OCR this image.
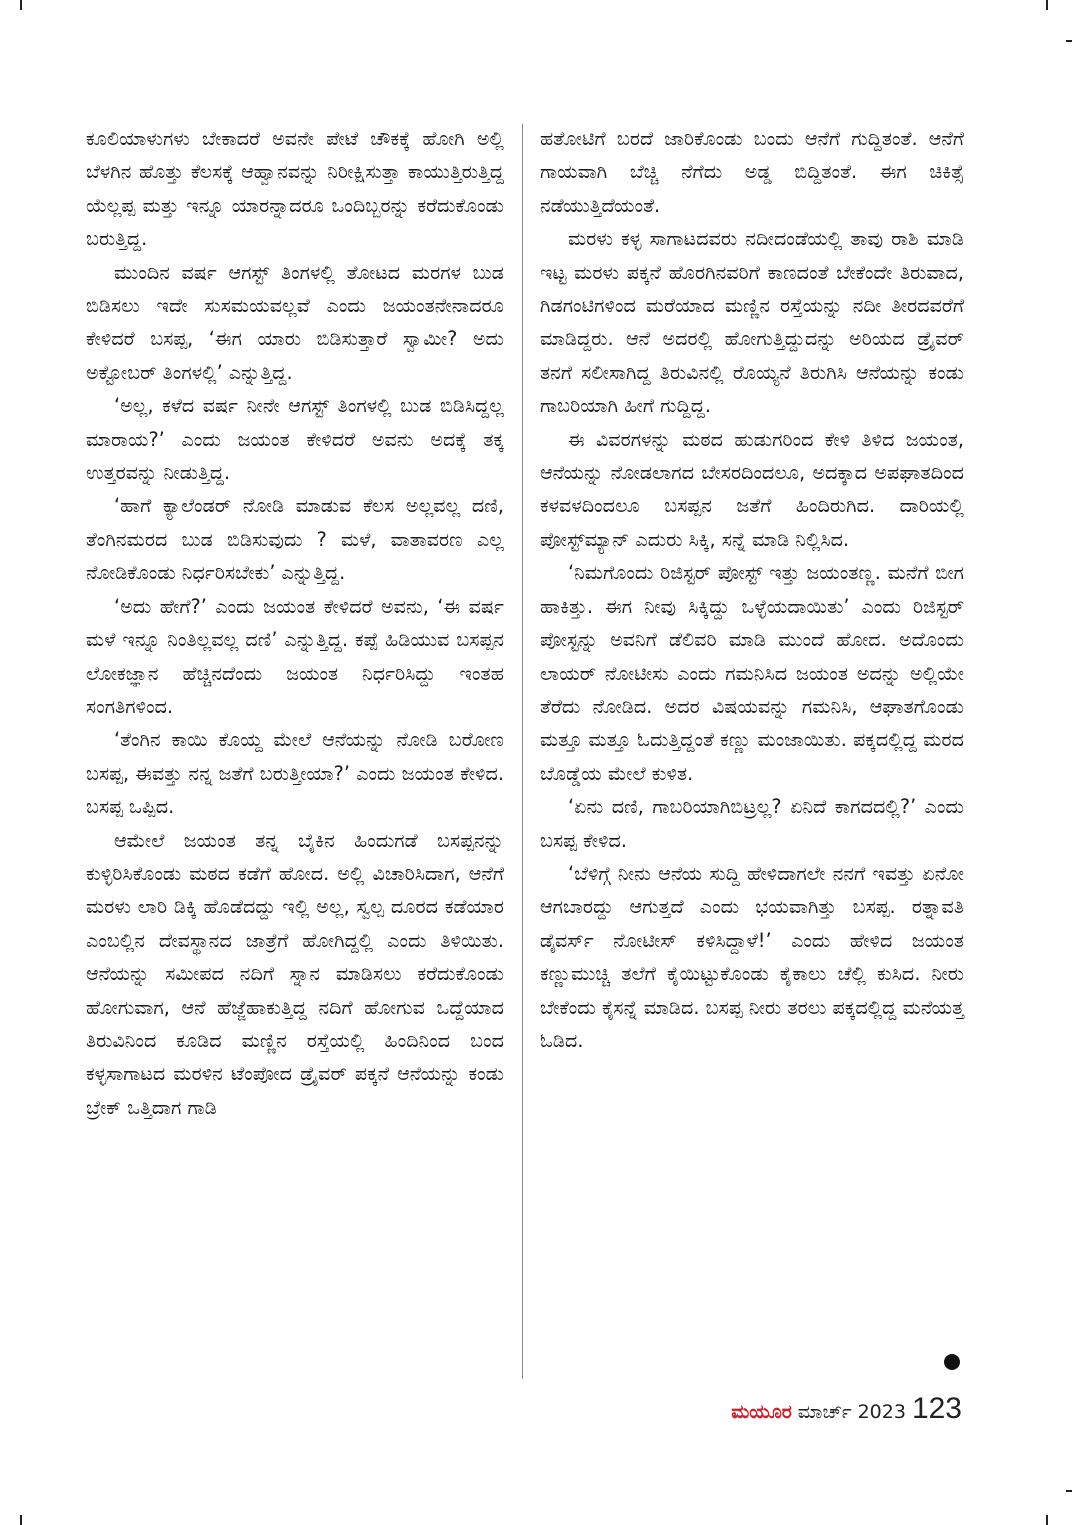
ಕೂಲಿಯಾಳುಗಳು ಬೇಕಾದರೆ ಅವನೇ ಪೇಟೆ ಚೌಕಕ್ಕೆ ಹೋಗಿ ಅಲ್ಲಿ ಬೆಳಗಿನ ಹೊತ್ತು ಕೆಲಸಕ್ಕೆ ಆಹ್ವಾನವನ್ನು ನಿರೀಕ್ಷಿಸುತ್ತಾ ಕಾಯುತ್ತಿರುತ್ತಿದ್ದ ಯೆಲ್ಲಪ್ಪ ಮತ್ತು ಇನ್ನೂ ಯಾರನ್ನಾದರೂ ಒಂದಿಬ್ಬರನ್ನು ಕರೆದುಕೊಂಡು ಬರುತ್ತಿದ್ದ.

ಮುಂದಿನ ವರ್ಷ ಆಗಸ್ಟ್ ತಿಂಗಳಲ್ಲಿ ತೋಟದ ಮರಗಳ ಬುಡ ಬಿಡಿಸಲು ಇದೇ ಸುಸಮಯವಲ್ಲವೆ ಎಂದು ಜಯಂತನೇನಾದರೂ ಕೇಳಿದರೆ ಬಸಪ್ಪ, ‘ಈಗ ಯಾರು ಬಿಡಿಸುತ್ತಾರೆ ಸ್ವಾಮೀ? ಅದು ಅಕ್ಟೋಬರ್ ತಿಂಗಳಲ್ಲಿ’ ಎನ್ನುತ್ತಿದ್ದ.

‘ಅಲ್ಲ, ಕಳೆದ ವರ್ಷ ನೀನೇ ಆಗಸ್ಟ್ ತಿಂಗಳಲ್ಲಿ ಬುಡ ಬಿಡಿಸಿದ್ದಲ್ಲ ಮಾರಾಯ?’ ಎಂದು ಜಯಂತ ಕೇಳಿದರೆ ಅವನು ಅದಕ್ಕೆ ತಕ್ಕ ಉತ್ತರವನ್ನು ನೀಡುತ್ತಿದ್ದ.

‘ಹಾಗೆ ಕ್ಯಾಲೆಂಡರ್ ನೋಡಿ ಮಾಡುವ ಕೆಲಸ ಅಲ್ಲವಲ್ಲ ದಣಿ, ತೆಂಗಿನಮರದ ಬುಡ ಬಿಡಿಸುವುದು ? ಮಳೆ, ವಾತಾವರಣ ಎಲ್ಲ ನೋಡಿಕೊಂಡು ನಿರ್ಧರಿಸಬೇಕು’ ಎನ್ನುತ್ತಿದ್ದ.

‘ಅದು ಹೇಗೆ?’ ಎಂದು ಜಯಂತ ಕೇಳಿದರೆ ಅವನು, ‘ಈ ವರ್ಷ ಮಳೆ ಇನ್ನೂ ನಿಂತಿಲ್ಲವಲ್ಲ ದಣಿ’ ಎನ್ನುತ್ತಿದ್ದ. ಕಪ್ಪೆ ಹಿಡಿಯುವ ಬಸಪ್ಪನ ಲೋಕಜ್ಞಾನ ಹೆಚ್ಚಿನದೆಂದು ಜಯಂತ ನಿರ್ಧರಿಸಿದ್ದು ಇಂತಹ ಸಂಗತಿಗಳಿಂದ.

‘ತೆಂಗಿನ ಕಾಯಿ ಕೊಯ್ದ ಮೇಲೆ ಆನೆಯನ್ನು ನೋಡಿ ಬರೋಣ ಬಸಪ್ಪ, ಈವತ್ತು ನನ್ನ ಜತೆಗೆ ಬರುತ್ತೀಯಾ?’ ಎಂದು ಜಯಂತ ಕೇಳಿದ. ಬಸಪ್ಪ ಒಪ್ಪಿದ.

ಆಮೇಲೆ ಜಯಂತ ತನ್ನ ಬೈಕಿನ ಹಿಂದುಗಡೆ ಬಸಪ್ಪನನ್ನು ಕುಳ್ಳಿರಿಸಿಕೊಂಡು ಮಠದ ಕಡೆಗೆ ಹೋದ. ಅಲ್ಲಿ ವಿಚಾರಿಸಿದಾಗ, ಆನೆಗೆ ಮರಳು ಲಾರಿ ಡಿಕ್ಕಿ ಹೊಡೆದದ್ದು ಇಲ್ಲಿ ಅಲ್ಲ, ಸ್ವಲ್ಪ ದೂರದ ಕಡೆಯಾರ ಎಂಬಲ್ಲಿನ ದೇವಸ್ಥಾನದ ಜಾತ್ರೆಗೆ ಹೋಗಿದ್ದಲ್ಲಿ ಎಂದು ತಿಳಿಯಿತು. ಆನೆಯನ್ನು ಸಮೀಪದ ನದಿಗೆ ಸ್ನಾನ ಮಾಡಿಸಲು ಕರೆದುಕೊಂಡು ಹೋಗುವಾಗ, ಆನೆ ಹೆಜ್ಜೆಹಾಕುತ್ತಿದ್ದ ನದಿಗೆ ಹೋಗುವ ಒದ್ದೆಯಾದ ತಿರುವಿನಿಂದ ಕೂಡಿದ ಮಣ್ಣಿನ ರಸ್ತೆಯಲ್ಲಿ ಹಿಂದಿನಿಂದ ಬಂದ ಕಳ್ಳಸಾಗಾಟದ ಮರಳಿನ ಟೆಂಪೋದ ಡ್ರೈವರ್ ಪಕ್ಕನೆ ಆನೆಯನ್ನು ಕಂಡು ಬ್ರೇಕ್ ಒತ್ತಿದಾಗ ಗಾಡಿ

ಹತೋಟಿಗೆ ಬರದೆ ಜಾರಿಕೊಂಡು ಬಂದು ಆನೆಗೆ ಗುದ್ದಿತಂತೆ. ಆನೆಗೆ ಗಾಯವಾಗಿ ಬೆಚ್ಚಿ ನೆಗೆದು ಅಡ್ಡ ಬಿದ್ದಿತಂತೆ. ಈಗ ಚಿಕಿತ್ಸೆ ನಡೆಯುತ್ತಿದೆಯಂತೆ.

ಮರಳು ಕಳ್ಳ ಸಾಗಾಟದವರು ನದೀದಂಡೆಯಲ್ಲಿ ತಾವು ರಾಶಿ ಮಾಡಿ ಇಟ್ಟ ಮರಳು ಪಕ್ಕನೆ ಹೊರಗಿನವರಿಗೆ ಕಾಣದಂತೆ ಬೇಕೆಂದೇ ತಿರುವಾದ, ಗಿಡಗಂಟಿಗಳಿಂದ ಮರೆಯಾದ ಮಣ್ಣಿನ ರಸ್ತೆಯನ್ನು ನದೀ ತೀರದವರೆಗೆ ಮಾಡಿದ್ದರು. ಆನೆ ಅದರಲ್ಲಿ ಹೋಗುತ್ತಿದ್ದುದನ್ನು ಅರಿಯದ ಡ್ರೈವರ್ ತನಗೆ ಸಲೀಸಾಗಿದ್ದ ತಿರುವಿನಲ್ಲಿ ರೊಯ್ಯನೆ ತಿರುಗಿಸಿ ಆನೆಯನ್ನು ಕಂಡು ಗಾಬರಿಯಾಗಿ ಹೀಗೆ ಗುದ್ದಿದ್ದ.

ಈ ವಿವರಗಳನ್ನು ಮಠದ ಹುಡುಗರಿಂದ ಕೇಳಿ ತಿಳಿದ ಜಯಂತ, ಆನೆಯನ್ನು ನೋಡಲಾಗದ ಬೇಸರದಿಂದಲೂ, ಅದಕ್ಕಾದ ಅಪಘಾತದಿಂದ ಕಳವಳದಿಂದಲೂ ಬಸಪ್ಪನ ಜತೆಗೆ ಹಿಂದಿರುಗಿದ. ದಾರಿಯಲ್ಲಿ ಪೋಸ್ಟ್‌ಮ್ಯಾನ್ ಎದುರು ಸಿಕ್ಕಿ, ಸನ್ನೆ ಮಾಡಿ ನಿಲ್ಲಿಸಿದ.

‘ನಿಮಗೊಂದು ರಿಜಿಸ್ಟರ್ ಪೋಸ್ಟ್ ಇತ್ತು ಜಯಂತಣ್ಣ. ಮನೆಗೆ ಬೀಗ ಹಾಕಿತ್ತು. ಈಗ ನೀವು ಸಿಕ್ಕಿದ್ದು ಒಳ್ಳೆಯದಾಯಿತು’ ಎಂದು ರಿಜಿಸ್ಟರ್ ಪೋಸ್ಟನ್ನು ಅವನಿಗೆ ಡೆಲಿವರಿ ಮಾಡಿ ಮುಂದೆ ಹೋದ. ಅದೊಂದು ಲಾಯರ್ ನೋಟೀಸು ಎಂದು ಗಮನಿಸಿದ ಜಯಂತ ಅದನ್ನು ಅಲ್ಲಿಯೇ ತೆರೆದು ನೋಡಿದ. ಅದರ ವಿಷಯವನ್ನು ಗಮನಿಸಿ, ಆಘಾತಗೊಂಡು ಮತ್ತೂ ಮತ್ತೂ ಓದುತ್ತಿದ್ದಂತೆ ಕಣ್ಣು ಮಂಜಾಯಿತು. ಪಕ್ಕದಲ್ಲಿದ್ದ ಮರದ ಬೊಡ್ಡೆಯ ಮೇಲೆ ಕುಳಿತ.

‘ಏನು ದಣಿ, ಗಾಬರಿಯಾಗಿಬಿಟ್ರಲ್ಲ? ಏನಿದೆ ಕಾಗದದಲ್ಲಿ?’ ಎಂದು ಬಸಪ್ಪ ಕೇಳಿದ.

‘ಬೆಳಿಗ್ಗೆ ನೀನು ಆನೆಯ ಸುದ್ದಿ ಹೇಳಿದಾಗಲೇ ನನಗೆ ಇವತ್ತು ಏನೋ ಆಗಬಾರದ್ದು ಆಗುತ್ತದೆ ಎಂದು ಭಯವಾಗಿತ್ತು ಬಸಪ್ಪ. ರತ್ನಾವತಿ ಡೈವರ್ಸ್ ನೋಟೀಸ್ ಕಳಿಸಿದ್ದಾಳೆ!’ ಎಂದು ಹೇಳಿದ ಜಯಂತ ಕಣ್ಣುಮುಚ್ಚಿ ತಲೆಗೆ ಕೈಯಿಟ್ಟುಕೊಂಡು ಕೈಕಾಲು ಚೆಲ್ಲಿ ಕುಸಿದ. ನೀರು ಬೇಕೆಂದು ಕೈಸನ್ನೆ ಮಾಡಿದ. ಬಸಪ್ಪ ನೀರು ತರಲು ಪಕ್ಕದಲ್ಲಿದ್ದ ಮನೆಯತ್ತ ಓಡಿದ.

ಮಯೂರ ಮಾರ್ಚ್ 2023 123
